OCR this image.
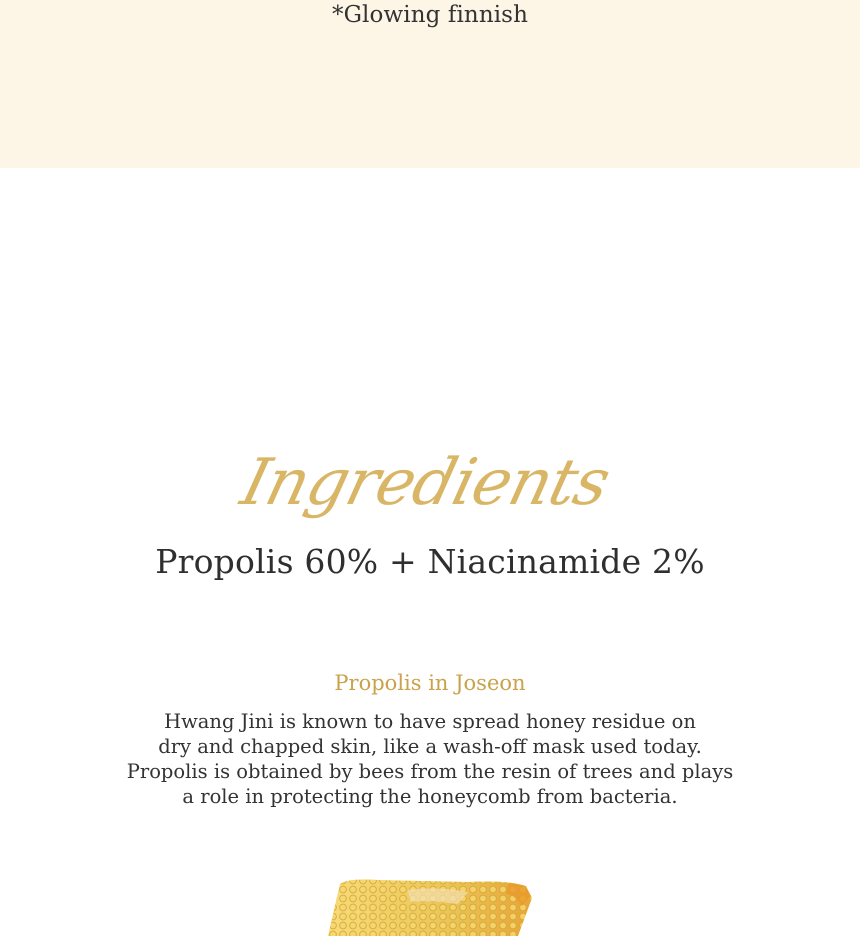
*Glowing finnish
Ingredients
Propolis 60% + Niacinamide 2%
Propolis in Joseon
Hwang Jini is known to have spread honey residue on
dry and chapped skin, like a wash-off mask used today.
Propolis is obtained by bees from the resin of trees and plays
a role in protecting the honeycomb from bacteria.
